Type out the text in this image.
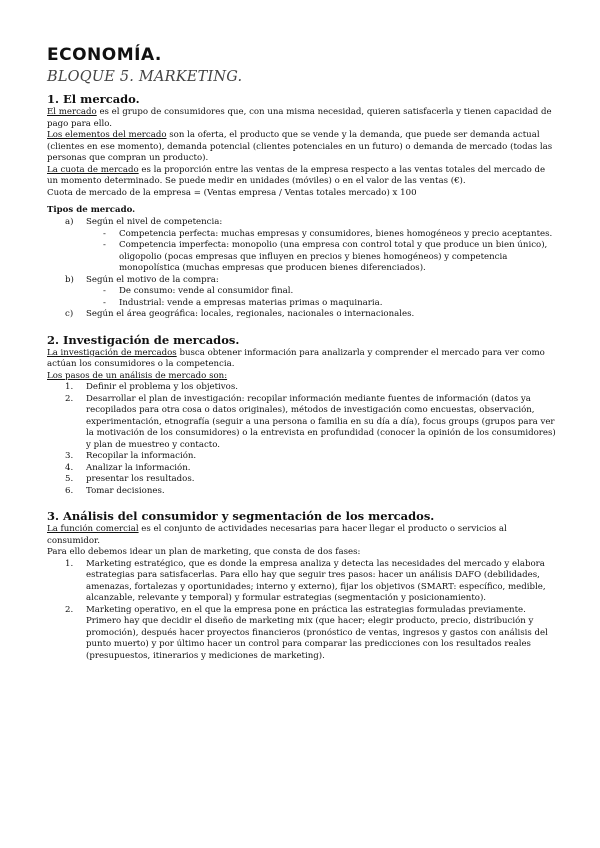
ECONOMÍA.
BLOQUE 5. MARKETING.
1. El mercado.

El mercado es el grupo de consumidores que, con una misma necesidad, quieren satisfacerla y tienen capacidad de pago para ello.

Los elementos del mercado son la oferta, el producto que se vende y la demanda, que puede ser demanda actual (clientes en ese momento), demanda potencial (clientes potenciales en un futuro) o demanda de mercado (todas las personas que compran un producto).

La cuota de mercado es la proporción entre las ventas de la empresa respecto a las ventas totales del mercado de un momento determinado. Se puede medir en unidades (móviles) o en el valor de las ventas (€).

Cuota de mercado de la empresa = (Ventas empresa / Ventas totales mercado) x 100

Tipos de mercado.
a) Según el nivel de competencia:
- Competencia perfecta: muchas empresas y consumidores, bienes homogéneos y precio aceptantes.
- Competencia imperfecta: monopolio (una empresa con control total y que produce un bien único), oligopolio (pocas empresas que influyen en precios y bienes homogéneos) y competencia monopolística (muchas empresas que producen bienes diferenciados).
b) Según el motivo de la compra:
- De consumo: vende al consumidor final.
- Industrial: vende a empresas materias primas o maquinaria.
c) Según el área geográfica: locales, regionales, nacionales o internacionales.
2. Investigación de mercados.

La investigación de mercados busca obtener información para analizarla y comprender el mercado para ver como actúan los consumidores o la competencia.

Los pasos de un análisis de mercado son:

1. Definir el problema y los objetivos.
2. Desarrollar el plan de investigación: recopilar información mediante fuentes de información (datos ya recopilados para otra cosa o datos originales), métodos de investigación como encuestas, observación, experimentación, etnografía (seguir a una persona o familia en su día a día), focus groups (grupos para ver la motivación de los consumidores) o la entrevista en profundidad (conocer la opinión de los consumidores) y plan de muestreo y contacto.
3. Recopilar la información.
4. Analizar la información.
5. presentar los resultados.
6. Tomar decisiones.
3. Análisis del consumidor y segmentación de los mercados.

La función comercial es el conjunto de actividades necesarias para hacer llegar el producto o servicios al consumidor.

Para ello debemos idear un plan de marketing, que consta de dos fases:

1. Marketing estratégico, que es donde la empresa analiza y detecta las necesidades del mercado y elabora estrategias para satisfacerlas. Para ello hay que seguir tres pasos: hacer un análisis DAFO (debilidades, amenazas, fortalezas y oportunidades; interno y externo), fijar los objetivos (SMART: específico, medible, alcanzable, relevante y temporal) y formular estrategias (segmentación y posicionamiento).
2. Marketing operativo, en el que la empresa pone en práctica las estrategias formuladas previamente. Primero hay que decidir el diseño de marketing mix (que hacer; elegir producto, precio, distribución y promoción), después hacer proyectos financieros (pronóstico de ventas, ingresos y gastos con análisis del punto muerto) y por último hacer un control para comparar las predicciones con los resultados reales (presupuestos, itinerarios y mediciones de marketing).
